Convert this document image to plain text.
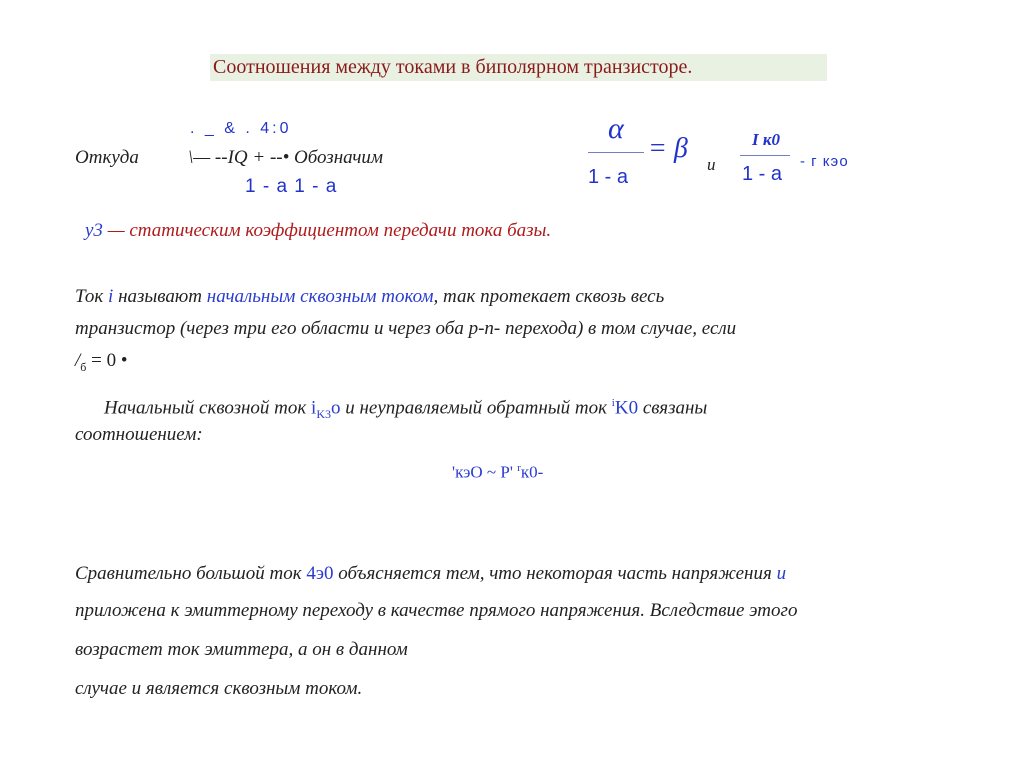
Соотношения между токами в биполярном транзисторе.
Откуда
. _ & . 4:0
\— --IQ + --• Обозначим
1 - a 1 - a
α
= β
1 - a
и
I к0
1 - a
- г кэо
у3 — статическим коэффициентом передачи тока базы.
Ток i называют начальным сквозным током, так протекает сквозь весь
транзистор (через три его области и через оба р-п- перехода) в том случае, если
$/_б = 0$ •
Начальный сквозной ток $i_{K3}о$ и неуправляемый обратный ток $^i$K0 связаны
соотношением:
'кэО ~ Р' $^r$к0-
Сравнительно большой ток 4э0 объясняется тем, что некоторая часть напряжения и
приложена к эмиттерному переходу в качестве прямого напряжения. Вследствие этого
возрастет ток эмиттера, а он в данном
случае и является сквозным током.
